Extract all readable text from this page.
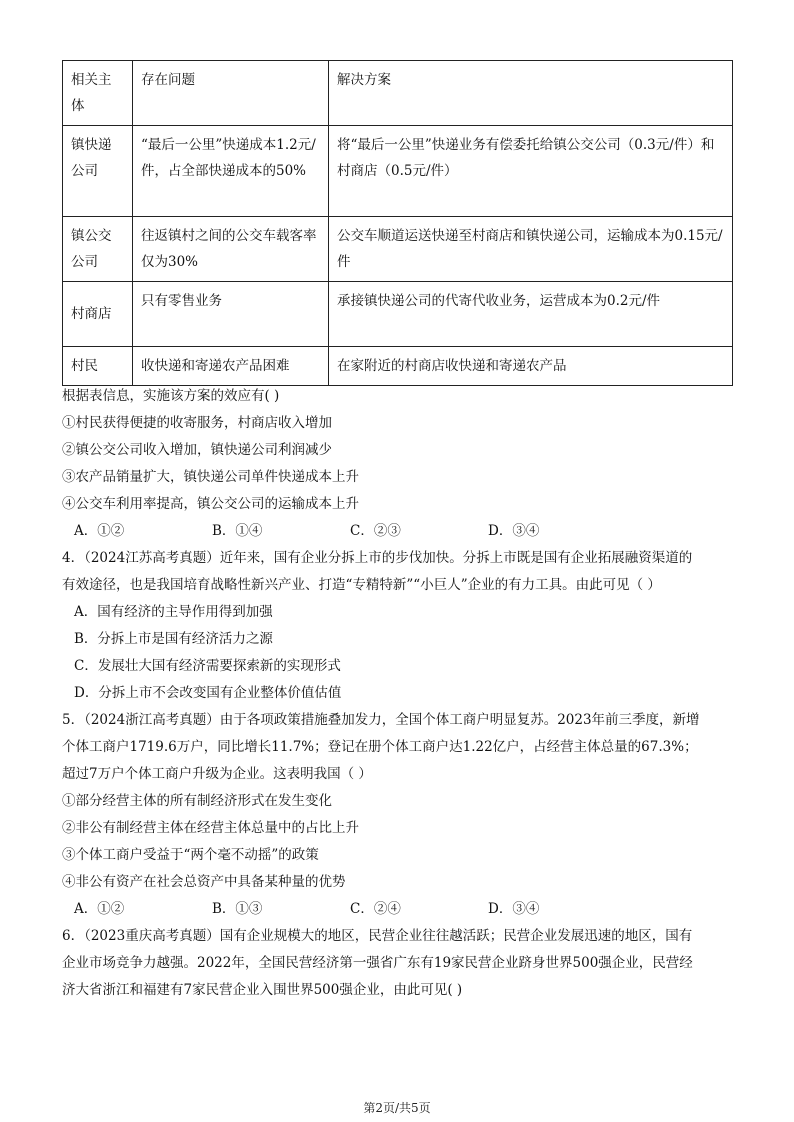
相关主体	存在问题	解决方案
镇快递公司	“最后一公里”快递成本1.2元/件，占全部快递成本的50%	将“最后一公里”快递业务有偿委托给镇公交公司（0.3元/件）和村商店（0.5元/件）
镇公交公司	往返镇村之间的公交车载客率仅为30%	公交车顺道运送快递至村商店和镇快递公司，运输成本为0.15元/件
村商店	只有零售业务	承接镇快递公司的代寄代收业务，运营成本为0.2元/件
村民	收快递和寄递农产品困难	在家附近的村商店收快递和寄递农产品
根据表信息，实施该方案的效应有( )
①村民获得便捷的收寄服务，村商店收入增加
②镇公交公司收入增加，镇快递公司利润减少
③农产品销量扩大，镇快递公司单件快递成本上升
④公交车利用率提高，镇公交公司的运输成本上升
A．①②	B．①④	C．②③	D．③④
4．（2024江苏高考真题）近年来，国有企业分拆上市的步伐加快。分拆上市既是国有企业拓展融资渠道的
有效途径，也是我国培育战略性新兴产业、打造“专精特新”“小巨人”企业的有力工具。由此可见（ ）
A．国有经济的主导作用得到加强
B．分拆上市是国有经济活力之源
C．发展壮大国有经济需要探索新的实现形式
D．分拆上市不会改变国有企业整体价值估值
5．（2024浙江高考真题）由于各项政策措施叠加发力，全国个体工商户明显复苏。2023年前三季度，新增
个体工商户1719.6万户，同比增长11.7%；登记在册个体工商户达1.22亿户，占经营主体总量的67.3%；
超过7万户个体工商户升级为企业。这表明我国（ ）
①部分经营主体的所有制经济形式在发生变化
②非公有制经营主体在经营主体总量中的占比上升
③个体工商户受益于“两个毫不动摇”的政策
④非公有资产在社会总资产中具备某种量的优势
A．①②	B．①③	C．②④	D．③④
6．（2023重庆高考真题）国有企业规模大的地区，民营企业往往越活跃；民营企业发展迅速的地区，国有
企业市场竞争力越强。2022年，全国民营经济第一强省广东有19家民营企业跻身世界500强企业，民营经
济大省浙江和福建有7家民营企业入围世界500强企业，由此可见( )
第2页/共5页
